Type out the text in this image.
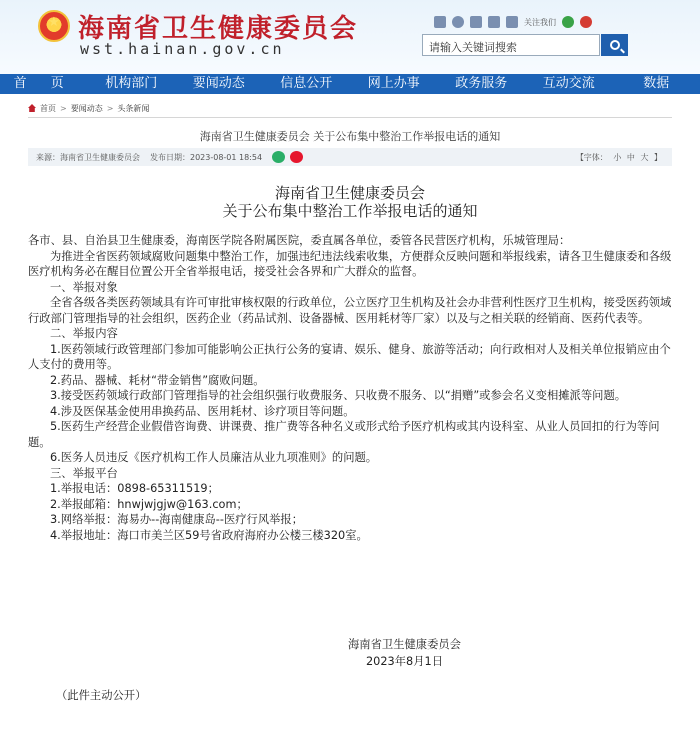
★
海南省卫生健康委员会
wst.hainan.gov.cn
关注我们
请输入关键词搜索
首 页	机构部门	要闻动态	信息公开	网上办事	政务服务	互动交流	数据
首页 > 要闻动态 > 头条新闻
海南省卫生健康委员会 关于公布集中整治工作举报电话的通知
来源：海南省卫生健康委员会 发布日期：2023-08-01 18:54	【字体： 小 中 大 】
海南省卫生健康委员会
关于公布集中整治工作举报电话的通知

各市、县、自治县卫生健康委，海南医学院各附属医院，委直属各单位，委管各民营医疗机构，乐城管理局：

为推进全省医药领域腐败问题集中整治工作，加强违纪违法线索收集，方便群众反映问题和举报线索，请各卫生健康委和各级医疗机构务必在醒目位置公开全省举报电话，接受社会各界和广大群众的监督。

一、举报对象

全省各级各类医药领域具有许可审批审核权限的行政单位，公立医疗卫生机构及社会办非营利性医疗卫生机构，接受医药领域行政部门管理指导的社会组织，医药企业（药品试剂、设备器械、医用耗材等厂家）以及与之相关联的经销商、医药代表等。

二、举报内容

1.医药领域行政管理部门参加可能影响公正执行公务的宴请、娱乐、健身、旅游等活动；向行政相对人及相关单位报销应由个人支付的费用等。

2.药品、器械、耗材“带金销售”腐败问题。

3.接受医药领域行政部门管理指导的社会组织强行收费服务、只收费不服务、以“捐赠”或参会名义变相摊派等问题。

4.涉及医保基金使用串换药品、医用耗材、诊疗项目等问题。

5.医药生产经营企业假借咨询费、讲课费、推广费等各种名义或形式给予医疗机构或其内设科室、从业人员回扣的行为等问题。

6.医务人员违反《医疗机构工作人员廉洁从业九项准则》的问题。

三、举报平台

1.举报电话：0898-65311519；

2.举报邮箱：hnwjwjgjw@163.com；

3.网络举报：海易办--海南健康岛--医疗行风举报；

4.举报地址：海口市美兰区59号省政府海府办公楼三楼320室。

海南省卫生健康委员会
2023年8月1日
（此件主动公开）
